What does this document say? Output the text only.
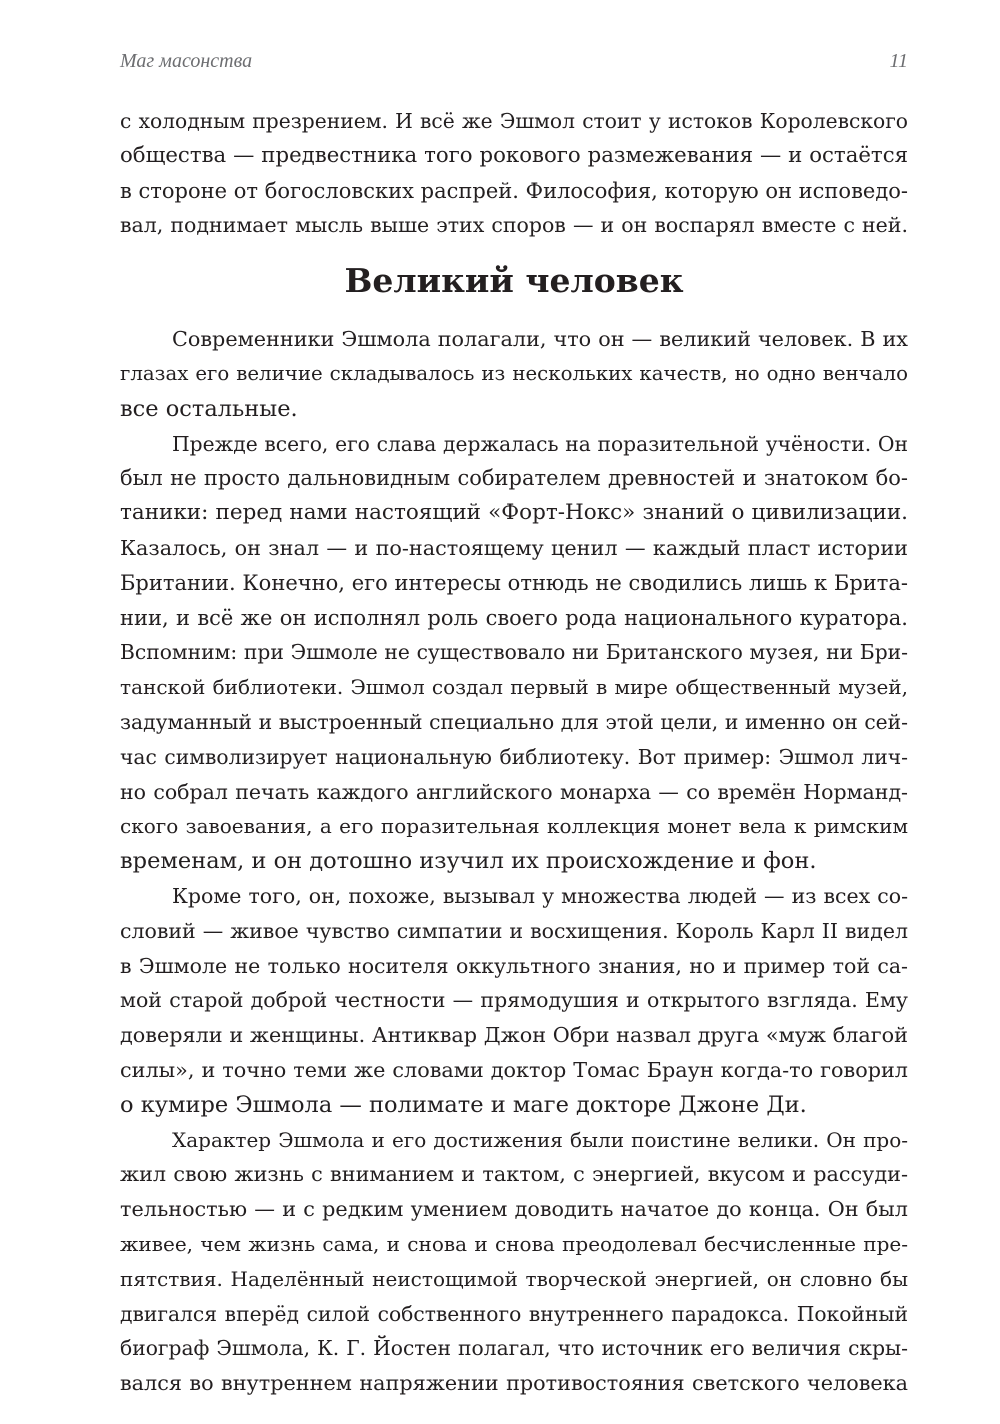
Маг масонства	11
с холодным презрением. И всё же Эшмол стоит у истоков Королевского
общества — предвестника того рокового размежевания — и остаётся
в стороне от богословских распрей. Философия, которую он исповедо-
вал, поднимает мысль выше этих споров — и он воспарял вместе с ней.
Великий человек
Современники Эшмола полагали, что он — великий человек. В их
глазах его величие складывалось из нескольких качеств, но одно венчало
все остальные.
Прежде всего, его слава держалась на поразительной учёности. Он
был не просто дальновидным собирателем древностей и знатоком бо-
таники: перед нами настоящий «Форт-Нокс» знаний о цивилизации.
Казалось, он знал — и по-настоящему ценил — каждый пласт истории
Британии. Конечно, его интересы отнюдь не сводились лишь к Брита-
нии, и всё же он исполнял роль своего рода национального куратора.
Вспомним: при Эшмоле не существовало ни Британского музея, ни Бри-
танской библиотеки. Эшмол создал первый в мире общественный музей,
задуманный и выстроенный специально для этой цели, и именно он сей-
час символизирует национальную библиотеку. Вот пример: Эшмол лич-
но собрал печать каждого английского монарха — со времён Норманд-
ского завоевания, а его поразительная коллекция монет вела к римским
временам, и он дотошно изучил их происхождение и фон.
Кроме того, он, похоже, вызывал у множества людей — из всех со-
словий — живое чувство симпатии и восхищения. Король Карл II видел
в Эшмоле не только носителя оккультного знания, но и пример той са-
мой старой доброй честности — прямодушия и открытого взгляда. Ему
доверяли и женщины. Антиквар Джон Обри назвал друга «муж благой
силы», и точно теми же словами доктор Томас Браун когда-то говорил
о кумире Эшмола — полимате и маге докторе Джоне Ди.
Характер Эшмола и его достижения были поистине велики. Он про-
жил свою жизнь с вниманием и тактом, с энергией, вкусом и рассуди-
тельностью — и с редким умением доводить начатое до конца. Он был
живее, чем жизнь сама, и снова и снова преодолевал бесчисленные пре-
пятствия. Наделённый неистощимой творческой энергией, он словно бы
двигался вперёд силой собственного внутреннего парадокса. Покойный
биограф Эшмола, К. Г. Йостен полагал, что источник его величия скры-
вался во внутреннем напряжении противостояния светского человека
